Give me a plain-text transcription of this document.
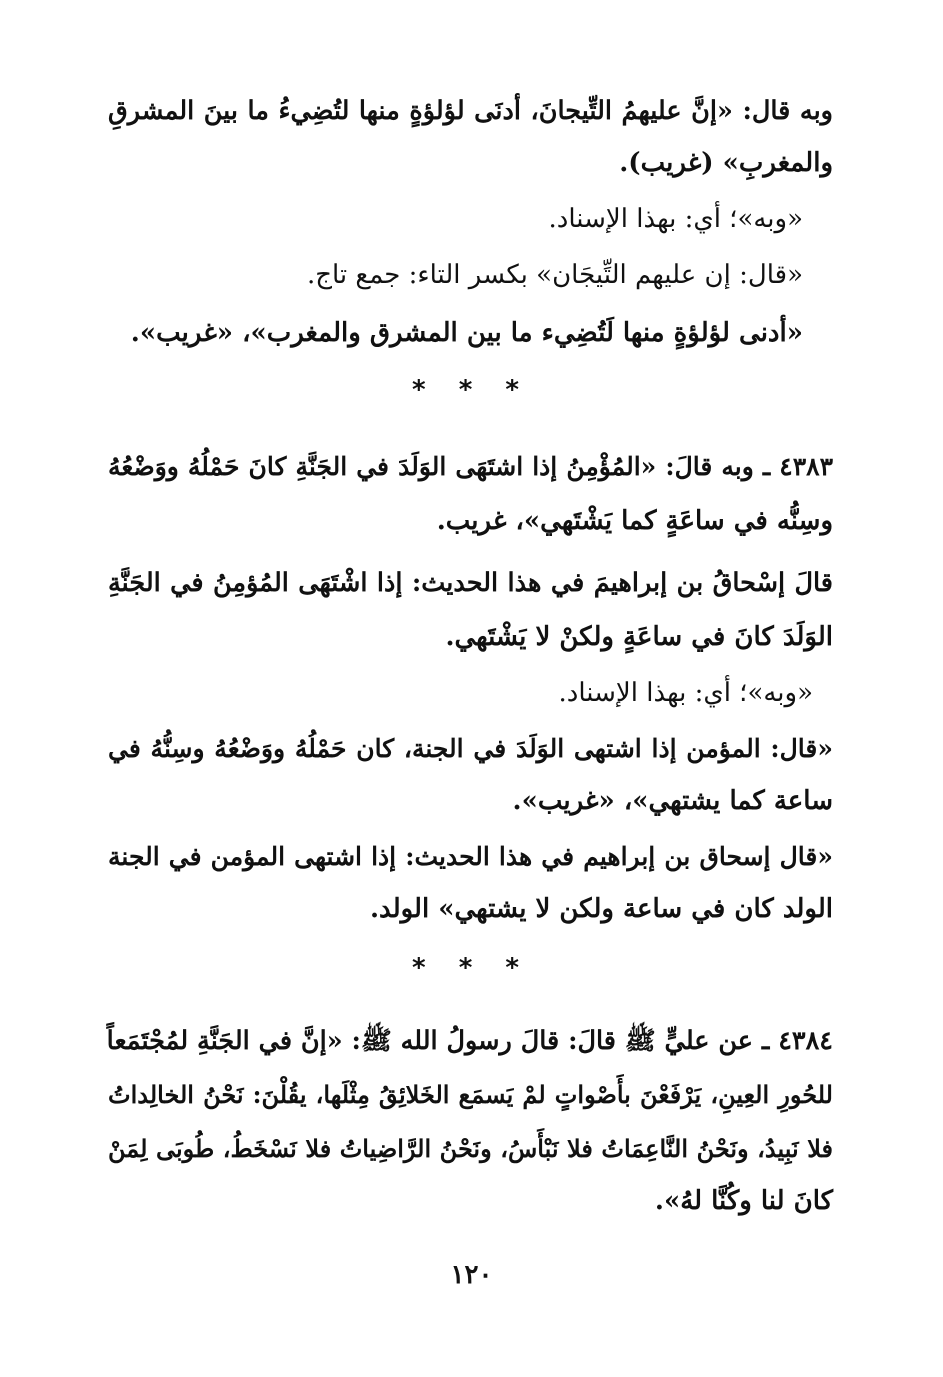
وبه قال: «إنَّ عليهمُ التِّيجانَ، أدنَى لؤلؤةٍ منها لتُضِيءُ ما بينَ المشرقِ
والمغربِ» (غريب).
«وبه»؛ أي: بهذا الإسناد.
«قال: إن عليهم التِّيجَان» بكسر التاء: جمع تاج.
«أدنى لؤلؤةٍ منها لَتُضِيء ما بين المشرق والمغرب»، «غريب».
* * *
٤٣٨٣ ـ وبه قالَ: «المُؤْمِنُ إذا اشتَهَى الوَلَدَ في الجَنَّةِ كانَ حَمْلُهُ ووَضْعُهُ
وسِنُّه في ساعَةٍ كما يَشْتَهي»، غريب.
قالَ إسْحاقُ بن إبراهيمَ في هذا الحديث: إذا اشْتَهَى المُؤمِنُ في الجَنَّةِ
الوَلَدَ كانَ في ساعَةٍ ولكنْ لا يَشْتَهي.
«وبه»؛ أي: بهذا الإسناد.
«قال: المؤمن إذا اشتهى الوَلَدَ في الجنة، كان حَمْلُهُ ووَضْعُهُ وسِنُّهُ في
ساعة كما يشتهي»، «غريب».
«قال إسحاق بن إبراهيم في هذا الحديث: إذا اشتهى المؤمن في الجنة
الولد كان في ساعة ولكن لا يشتهي» الولد.
* * *
٤٣٨٤ ـ عن عليٍّ ﷺ قالَ: قالَ رسولُ الله ﷺ: «إنَّ في الجَنَّةِ لمُجْتَمَعاً
للحُورِ العِينِ، يَرْفَعْنَ بأَصْواتٍ لمْ يَسمَع الخَلائِقُ مِثْلَها، يقُلْنَ: نَحْنُ الخالِداتُ
فلا نَبِيدُ، ونَحْنُ النَّاعِمَاتُ فلا نَبْأَسُ، ونَحْنُ الرَّاضِياتُ فلا نَسْخَطُ، طُوبَى لِمَنْ
كانَ لنا وكُنَّا لهُ».
١٢٠
